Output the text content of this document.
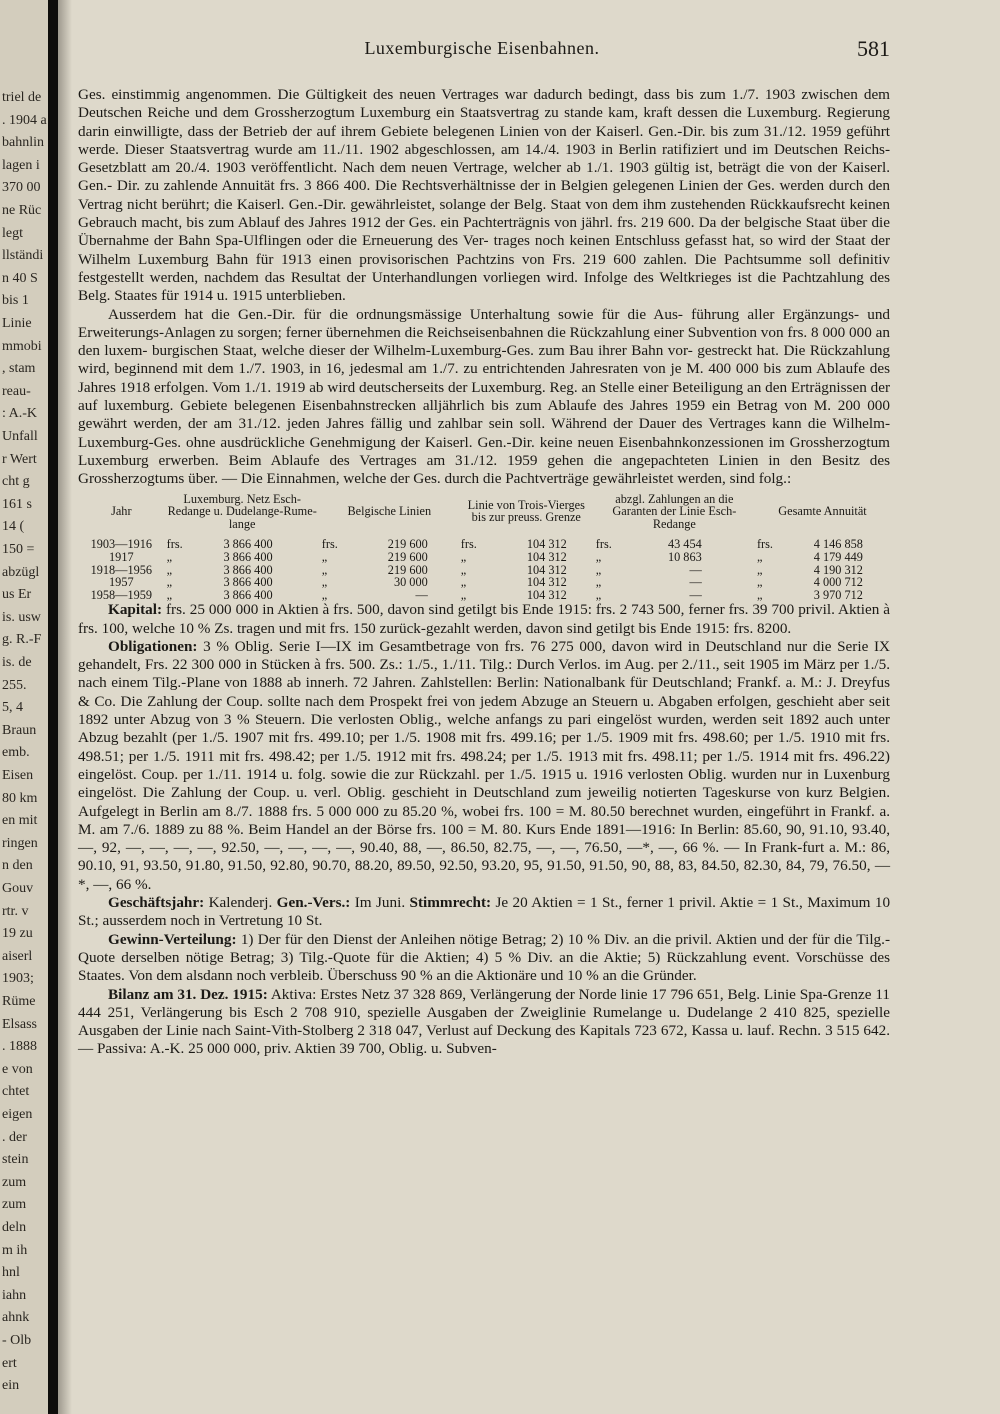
triel de
. 1904 a
bahnlin
lagen i
370 00
ne Rüc
legt
llständi
n 40 S
bis 1
Linie
mmobi
, stam
reau-
: A.-K
Unfall
r Wert
cht g
161 s
14 (
150 =
abzügl
us Er
is. usw
g. R.-F
is. de
255.
5, 4
Braun
emb.
Eisen
80 km
en mit
ringen
n den
Gouv
rtr. v
19 zu
aiserl
1903;
Rüme
Elsass
. 1888
e von
chtet
eigen
. der
stein
zum
zum
deln
m ih
hnl
iahn
ahnk
- Olb
ert
ein
Luxemburgische Eisenbahnen.	581

Ges. einstimmig angenommen. Die Gültigkeit des neuen Vertrages war dadurch bedingt, dass bis zum 1./7. 1903 zwischen dem Deutschen Reiche und dem Grossherzogtum Luxemburg ein Staatsvertrag zu stande kam, kraft dessen die Luxemburg. Regierung darin einwilligte, dass der Betrieb der auf ihrem Gebiete belegenen Linien von der Kaiserl. Gen.-Dir. bis zum 31./12. 1959 geführt werde. Dieser Staatsvertrag wurde am 11./11. 1902 abgeschlossen, am 14./4. 1903 in Berlin ratifiziert und im Deutschen Reichs-Gesetzblatt am 20./4. 1903 veröffentlicht. Nach dem neuen Vertrage, welcher ab 1./1. 1903 gültig ist, beträgt die von der Kaiserl. Gen.- Dir. zu zahlende Annuität frs. 3 866 400. Die Rechtsverhältnisse der in Belgien gelegenen Linien der Ges. werden durch den Vertrag nicht berührt; die Kaiserl. Gen.-Dir. gewährleistet, solange der Belg. Staat von dem ihm zustehenden Rückkaufsrecht keinen Gebrauch macht, bis zum Ablauf des Jahres 1912 der Ges. ein Pachterträgnis von jährl. frs. 219 600. Da der belgische Staat über die Übernahme der Bahn Spa-Ulflingen oder die Erneuerung des Ver- trages noch keinen Entschluss gefasst hat, so wird der Staat der Wilhelm Luxemburg Bahn für 1913 einen provisorischen Pachtzins von Frs. 219 600 zahlen. Die Pachtsumme soll definitiv festgestellt werden, nachdem das Resultat der Unterhandlungen vorliegen wird. Infolge des Weltkrieges ist die Pachtzahlung des Belg. Staates für 1914 u. 1915 unterblieben.

Ausserdem hat die Gen.-Dir. für die ordnungsmässige Unterhaltung sowie für die Aus- führung aller Ergänzungs- und Erweiterungs-Anlagen zu sorgen; ferner übernehmen die Reichseisenbahnen die Rückzahlung einer Subvention von frs. 8 000 000 an den luxem- burgischen Staat, welche dieser der Wilhelm-Luxemburg-Ges. zum Bau ihrer Bahn vor- gestreckt hat. Die Rückzahlung wird, beginnend mit dem 1./7. 1903, in 16, jedesmal am 1./7. zu entrichtenden Jahresraten von je M. 400 000 bis zum Ablaufe des Jahres 1918 erfolgen. Vom 1./1. 1919 ab wird deutscherseits der Luxemburg. Reg. an Stelle einer Beteiligung an den Erträgnissen der auf luxemburg. Gebiete belegenen Eisenbahnstrecken alljährlich bis zum Ablaufe des Jahres 1959 ein Betrag von M. 200 000 gewährt werden, der am 31./12. jeden Jahres fällig und zahlbar sein soll. Während der Dauer des Vertrages kann die Wilhelm-Luxemburg-Ges. ohne ausdrückliche Genehmigung der Kaiserl. Gen.-Dir. keine neuen Eisenbahnkonzessionen im Grossherzogtum Luxemburg erwerben. Beim Ablaufe des Vertrages am 31./12. 1959 gehen die angepachteten Linien in den Besitz des Grossherzogtums über. — Die Einnahmen, welche der Ges. durch die Pachtverträge gewährleistet werden, sind folg.:

Jahr	Luxemburg. Netz Esch-Redange u. Dudelange-Rume-lange	Belgische Linien	Linie von Trois-Vierges bis zur preuss. Grenze	abzgl. Zahlungen an die Garanten der Linie Esch-Redange	Gesamte Annuität
1903—1916	frs. 3 866 400	frs. 219 600	frs. 104 312	frs. 43 454	frs. 4 146 858
1917	„ 3 866 400	„ 219 600	„ 104 312	„ 10 863	„ 4 179 449
1918—1956	„ 3 866 400	„ 219 600	„ 104 312	„ —	„ 4 190 312
1957	„ 3 866 400	„ 30 000	„ 104 312	„ —	„ 4 000 712
1958—1959	„ 3 866 400	„ —	„ 104 312	„ —	„ 3 970 712

Kapital: frs. 25 000 000 in Aktien à frs. 500, davon sind getilgt bis Ende 1915: frs. 2 743 500, ferner frs. 39 700 privil. Aktien à frs. 100, welche 10 % Zs. tragen und mit frs. 150 zurück-gezahlt werden, davon sind getilgt bis Ende 1915: frs. 8200.

Obligationen: 3 % Oblig. Serie I—IX im Gesamtbetrage von frs. 76 275 000, davon wird in Deutschland nur die Serie IX gehandelt, Frs. 22 300 000 in Stücken à frs. 500. Zs.: 1./5., 1./11. Tilg.: Durch Verlos. im Aug. per 2./11., seit 1905 im März per 1./5. nach einem Tilg.-Plane von 1888 ab innerh. 72 Jahren. Zahlstellen: Berlin: Nationalbank für Deutschland; Frankf. a. M.: J. Dreyfus & Co. Die Zahlung der Coup. sollte nach dem Prospekt frei von jedem Abzuge an Steuern u. Abgaben erfolgen, geschieht aber seit 1892 unter Abzug von 3 % Steuern. Die verlosten Oblig., welche anfangs zu pari eingelöst wurden, werden seit 1892 auch unter Abzug bezahlt (per 1./5. 1907 mit frs. 499.10; per 1./5. 1908 mit frs. 499.16; per 1./5. 1909 mit frs. 498.60; per 1./5. 1910 mit frs. 498.51; per 1./5. 1911 mit frs. 498.42; per 1./5. 1912 mit frs. 498.24; per 1./5. 1913 mit frs. 498.11; per 1./5. 1914 mit frs. 496.22) eingelöst. Coup. per 1./11. 1914 u. folg. sowie die zur Rückzahl. per 1./5. 1915 u. 1916 verlosten Oblig. wurden nur in Luxenburg eingelöst. Die Zahlung der Coup. u. verl. Oblig. geschieht in Deutschland zum jeweilig notierten Tageskurse von kurz Belgien. Aufgelegt in Berlin am 8./7. 1888 frs. 5 000 000 zu 85.20 %, wobei frs. 100 = M. 80.50 berechnet wurden, eingeführt in Frankf. a. M. am 7./6. 1889 zu 88 %. Beim Handel an der Börse frs. 100 = M. 80. Kurs Ende 1891—1916: In Berlin: 85.60, 90, 91.10, 93.40, —, 92, —, —, —, —, 92.50, —, —, —, —, 90.40, 88, —, 86.50, 82.75, —, —, 76.50, —*, —, 66 %. — In Frank-furt a. M.: 86, 90.10, 91, 93.50, 91.80, 91.50, 92.80, 90.70, 88.20, 89.50, 92.50, 93.20, 95, 91.50, 91.50, 90, 88, 83, 84.50, 82.30, 84, 79, 76.50, —*, —, 66 %.

Geschäftsjahr: Kalenderj. Gen.-Vers.: Im Juni. Stimmrecht: Je 20 Aktien = 1 St., ferner 1 privil. Aktie = 1 St., Maximum 10 St.; ausserdem noch in Vertretung 10 St.

Gewinn-Verteilung: 1) Der für den Dienst der Anleihen nötige Betrag; 2) 10 % Div. an die privil. Aktien und der für die Tilg.-Quote derselben nötige Betrag; 3) Tilg.-Quote für die Aktien; 4) 5 % Div. an die Aktie; 5) Rückzahlung event. Vorschüsse des Staates. Von dem alsdann noch verbleib. Überschuss 90 % an die Aktionäre und 10 % an die Gründer.

Bilanz am 31. Dez. 1915: Aktiva: Erstes Netz 37 328 869, Verlängerung der Norde linie 17 796 651, Belg. Linie Spa-Grenze 11 444 251, Verlängerung bis Esch 2 708 910, spezielle Ausgaben der Zweiglinie Rumelange u. Dudelange 2 410 825, spezielle Ausgaben der Linie nach Saint-Vith-Stolberg 2 318 047, Verlust auf Deckung des Kapitals 723 672, Kassa u. lauf. Rechn. 3 515 642. — Passiva: A.-K. 25 000 000, priv. Aktien 39 700, Oblig. u. Subven-
